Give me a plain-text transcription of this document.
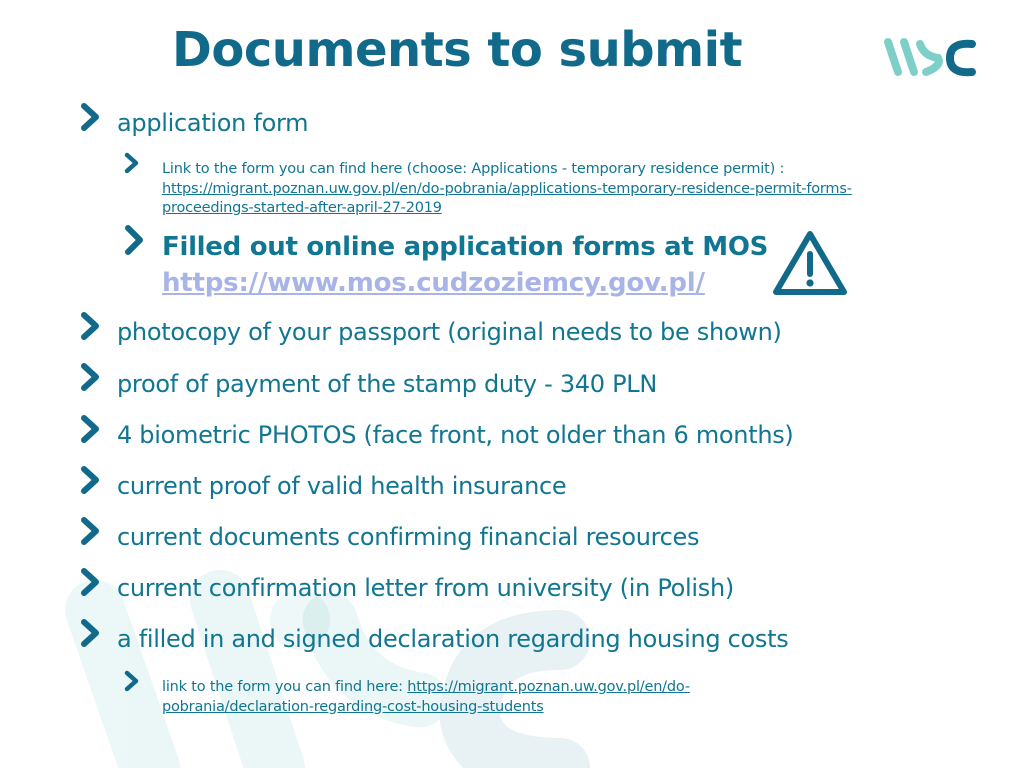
Documents to submit
application form
Link to the form you can find here (choose: Applications - temporary residence permit) :
https://migrant.poznan.uw.gov.pl/en/do-pobrania/applications-temporary-residence-permit-forms-proceedings-started-after-april-27-2019
Filled out online application forms at MOS
https://www.mos.cudzoziemcy.gov.pl/
photocopy of your passport (original needs to be shown)
proof of payment of the stamp duty - 340 PLN
4 biometric PHOTOS (face front, not older than 6 months)
current proof of valid health insurance
current documents confirming financial resources
current confirmation letter from university (in Polish)
a filled in and signed declaration regarding housing costs
link to the form you can find here: https://migrant.poznan.uw.gov.pl/en/do-pobrania/declaration-regarding-cost-housing-students
